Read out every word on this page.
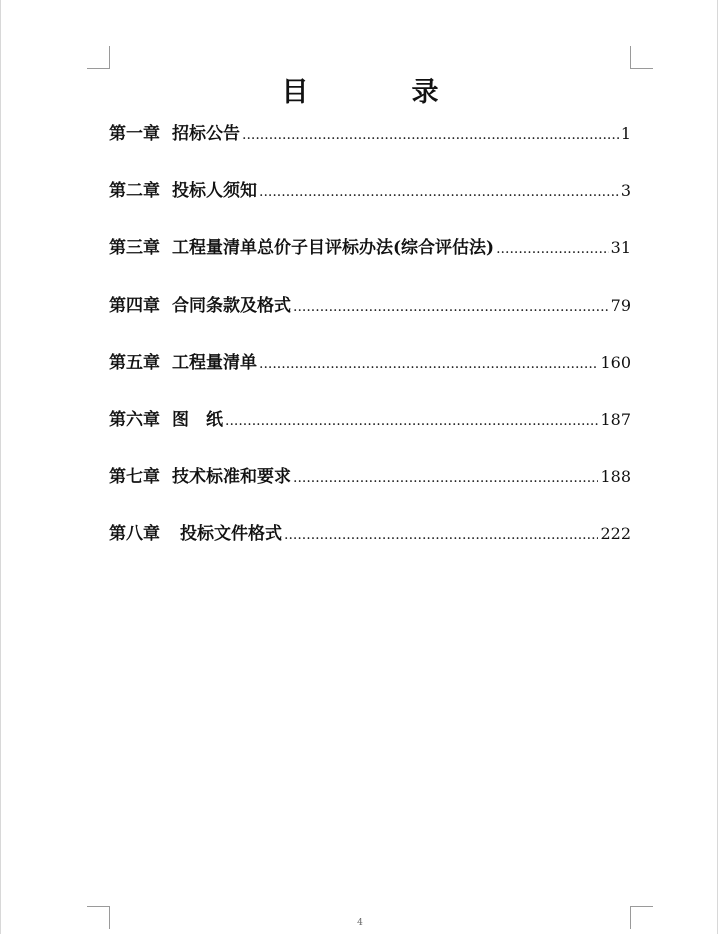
目　录
第一章 招标公告 .....	1
第二章 投标人须知 .....	3
第三章 工程量清单总价子目评标办法(综合评估法) .....	31
第四章 合同条款及格式 .....	79
第五章 工程量清单 .....	160
第六章 图　纸 .....	187
第七章 技术标准和要求 .....	188
第八章 投标文件格式 .....	222
4
